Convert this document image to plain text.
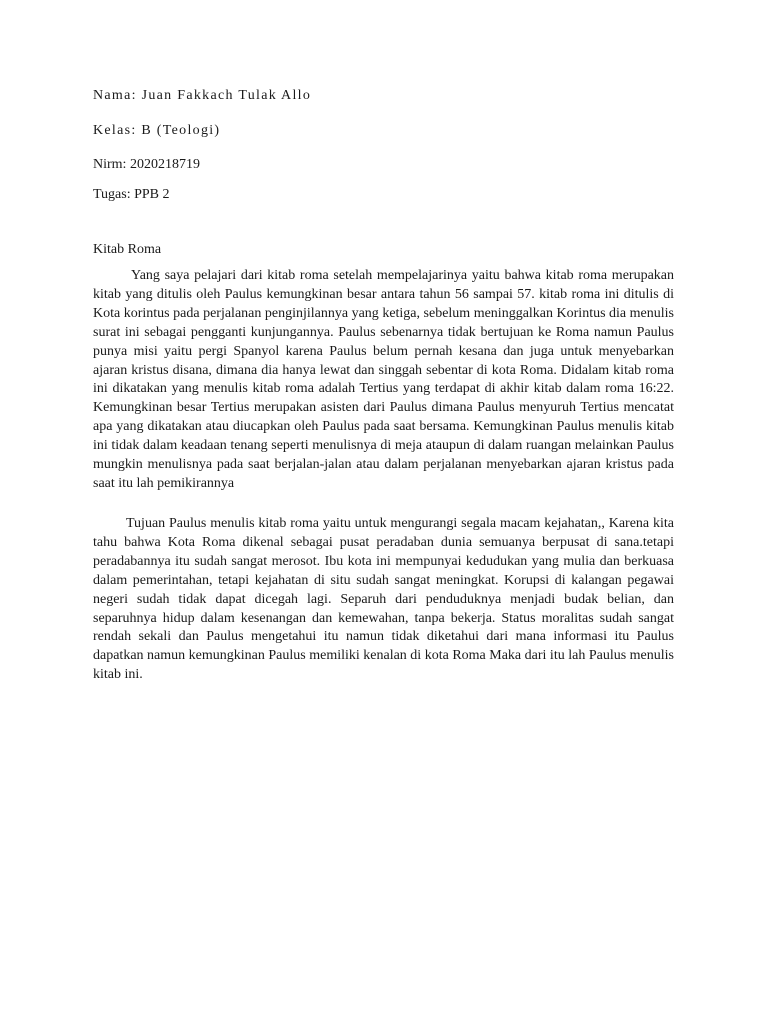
Nama: Juan Fakkach Tulak Allo
Kelas: B (Teologi)
Nirm: 2020218719
Tugas: PPB 2
Kitab Roma

Yang saya pelajari dari kitab roma setelah mempelajarinya yaitu bahwa kitab roma merupakan kitab yang ditulis oleh Paulus kemungkinan besar antara tahun 56 sampai 57. kitab roma ini ditulis di Kota korintus pada perjalanan penginjilannya yang ketiga, sebelum meninggalkan Korintus dia menulis surat ini sebagai pengganti kunjungannya. Paulus sebenarnya tidak bertujuan ke Roma namun Paulus punya misi yaitu pergi Spanyol karena Paulus belum pernah kesana dan juga untuk menyebarkan ajaran kristus disana, dimana dia hanya lewat dan singgah sebentar di kota Roma. Didalam kitab roma ini dikatakan yang menulis kitab roma adalah Tertius yang terdapat di akhir kitab dalam roma 16:22. Kemungkinan besar Tertius merupakan asisten dari Paulus dimana Paulus menyuruh Tertius mencatat apa yang dikatakan atau diucapkan oleh Paulus pada saat bersama. Kemungkinan Paulus menulis kitab ini tidak dalam keadaan tenang seperti menulisnya di meja ataupun di dalam ruangan melainkan Paulus mungkin menulisnya pada saat berjalan-jalan atau dalam perjalanan menyebarkan ajaran kristus pada saat itu lah pemikirannya

Tujuan Paulus menulis kitab roma yaitu untuk mengurangi segala macam kejahatan,, Karena kita tahu bahwa Kota Roma dikenal sebagai pusat peradaban dunia semuanya berpusat di sana.tetapi peradabannya itu sudah sangat merosot. Ibu kota ini mempunyai kedudukan yang mulia dan berkuasa dalam pemerintahan, tetapi kejahatan di situ sudah sangat meningkat. Korupsi di kalangan pegawai negeri sudah tidak dapat dicegah lagi. Separuh dari penduduknya menjadi budak belian, dan separuhnya hidup dalam kesenangan dan kemewahan, tanpa bekerja. Status moralitas sudah sangat rendah sekali dan Paulus mengetahui itu namun tidak diketahui dari mana informasi itu Paulus dapatkan namun kemungkinan Paulus memiliki kenalan di kota Roma Maka dari itu lah Paulus menulis kitab ini.
